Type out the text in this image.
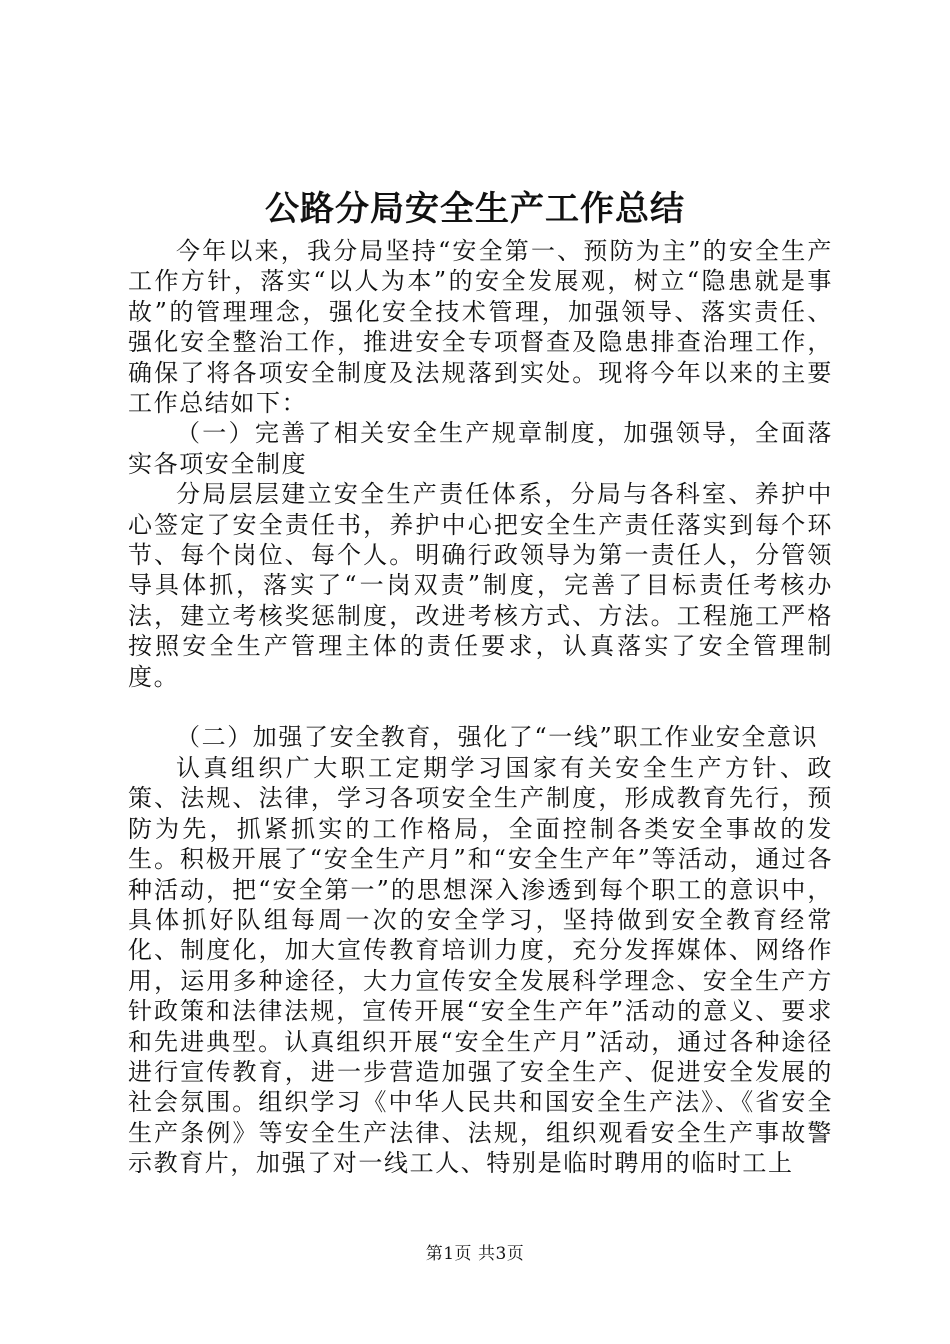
公路分局安全生产工作总结

今年以来，我分局坚持“安全第一、预防为主”的安全生产工作方针，落实“以人为本”的安全发展观，树立“隐患就是事故”的管理理念，强化安全技术管理，加强领导、落实责任、强化安全整治工作，推进安全专项督查及隐患排查治理工作，确保了将各项安全制度及法规落到实处。现将今年以来的主要工作总结如下：

（一）完善了相关安全生产规章制度，加强领导，全面落实各项安全制度

分局层层建立安全生产责任体系，分局与各科室、养护中心签定了安全责任书，养护中心把安全生产责任落实到每个环节、每个岗位、每个人。明确行政领导为第一责任人，分管领导具体抓，落实了“一岗双责”制度，完善了目标责任考核办法，建立考核奖惩制度，改进考核方式、方法。工程施工严格按照安全生产管理主体的责任要求，认真落实了安全管理制度。

（二）加强了安全教育，强化了“一线”职工作业安全意识

认真组织广大职工定期学习国家有关安全生产方针、政策、法规、法律，学习各项安全生产制度，形成教育先行，预防为先，抓紧抓实的工作格局，全面控制各类安全事故的发生。积极开展了“安全生产月”和“安全生产年”等活动，通过各种活动，把“安全第一”的思想深入渗透到每个职工的意识中，具体抓好队组每周一次的安全学习，坚持做到安全教育经常化、制度化，加大宣传教育培训力度，充分发挥媒体、网络作用，运用多种途径，大力宣传安全发展科学理念、安全生产方针政策和法律法规，宣传开展“安全生产年”活动的意义、要求和先进典型。认真组织开展“安全生产月”活动，通过各种途径进行宣传教育，进一步营造加强了安全生产、促进安全发展的社会氛围。组织学习《中华人民共和国安全生产法》、《省安全生产条例》等安全生产法律、法规，组织观看安全生产事故警示教育片，加强了对一线工人、特别是临时聘用的临时工上

第1页 共3页
